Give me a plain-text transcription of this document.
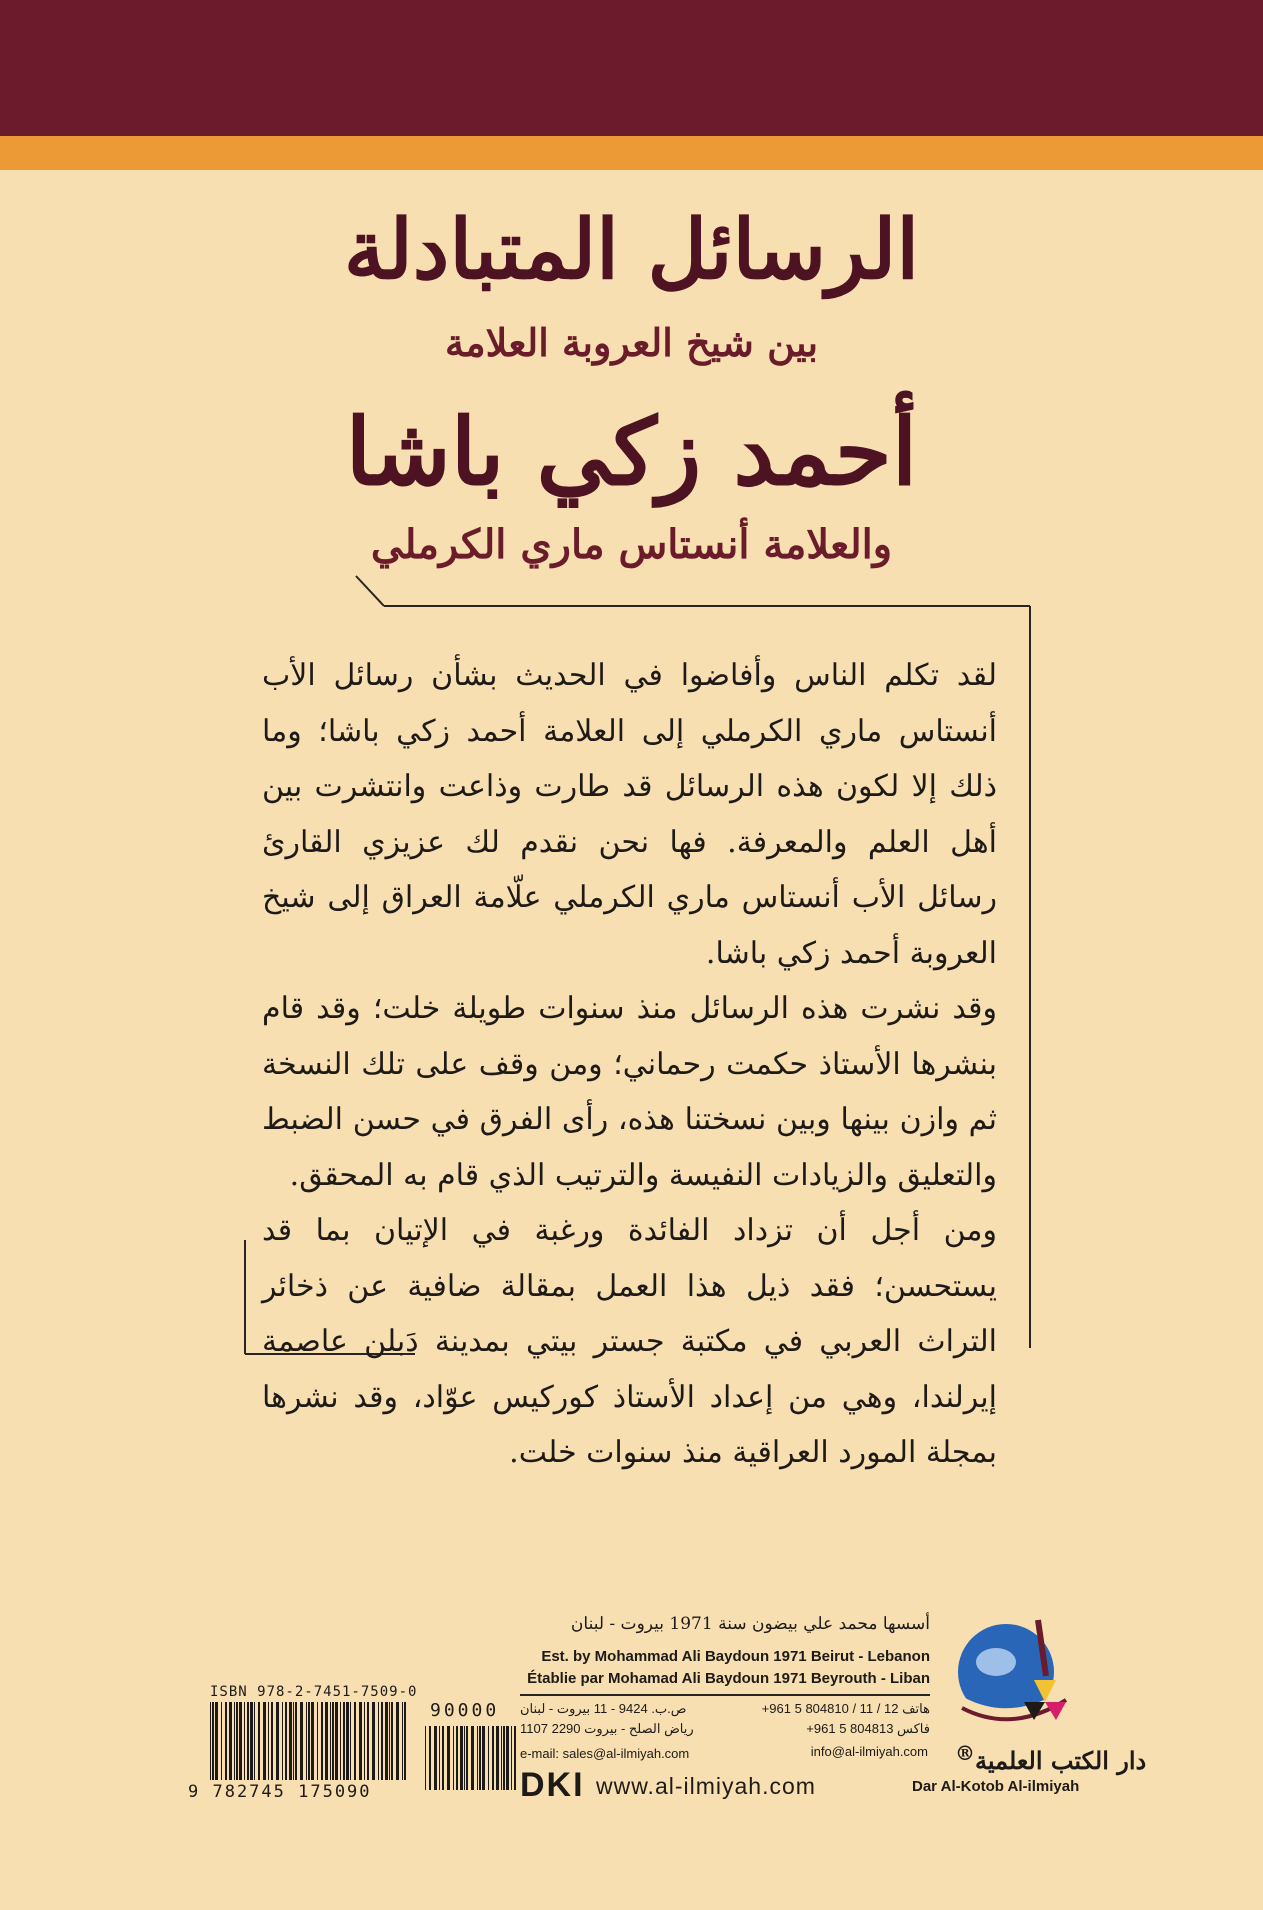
الرسائل المتبادلة
بين شيخ العروبة العلامة
أحمد زكي باشا
والعلامة أنستاس ماري الكرملي

لقد تكلم الناس وأفاضوا في الحديث بشأن رسائل الأب أنستاس ماري الكرملي إلى العلامة أحمد زكي باشا؛ وما ذلك إلا لكون هذه الرسائل قد طارت وذاعت وانتشرت بين أهل العلم والمعرفة. فها نحن نقدم لك عزيزي القارئ رسائل الأب أنستاس ماري الكرملي علّامة العراق إلى شيخ العروبة أحمد زكي باشا.

وقد نشرت هذه الرسائل منذ سنوات طويلة خلت؛ وقد قام بنشرها الأستاذ حكمت رحماني؛ ومن وقف على تلك النسخة ثم وازن بينها وبين نسختنا هذه، رأى الفرق في حسن الضبط والتعليق والزيادات النفيسة والترتيب الذي قام به المحقق.

ومن أجل أن تزداد الفائدة ورغبة في الإتيان بما قد يستحسن؛ فقد ذيل هذا العمل بمقالة ضافية عن ذخائر التراث العربي في مكتبة جستر بيتي بمدينة دَبلن عاصمة إيرلندا، وهي من إعداد الأستاذ كوركيس عوّاد، وقد نشرها بمجلة المورد العراقية منذ سنوات خلت.

ISBN 978-2-7451-7509-0
9 782745 175090
90000
أسسها محمد علي بيضون سنة 1971 بيروت - لبنان
Est. by Mohammad Ali Baydoun 1971 Beirut - Lebanon
Établie par Mohamad Ali Baydoun 1971 Beyrouth - Liban
هاتف 12 / 11 / 804810 5 961+
فاكس 804813 5 961+
ص.ب. 9424 - 11 بيروت - لبنان
رياض الصلح - بيروت 2290 1107
e-mail: sales@al-ilmiyah.com	info@al-ilmiyah.com
DKI www.al-ilmiyah.com	Dar Al-Kotob Al-ilmiyah
دار الكتب العلمية®
